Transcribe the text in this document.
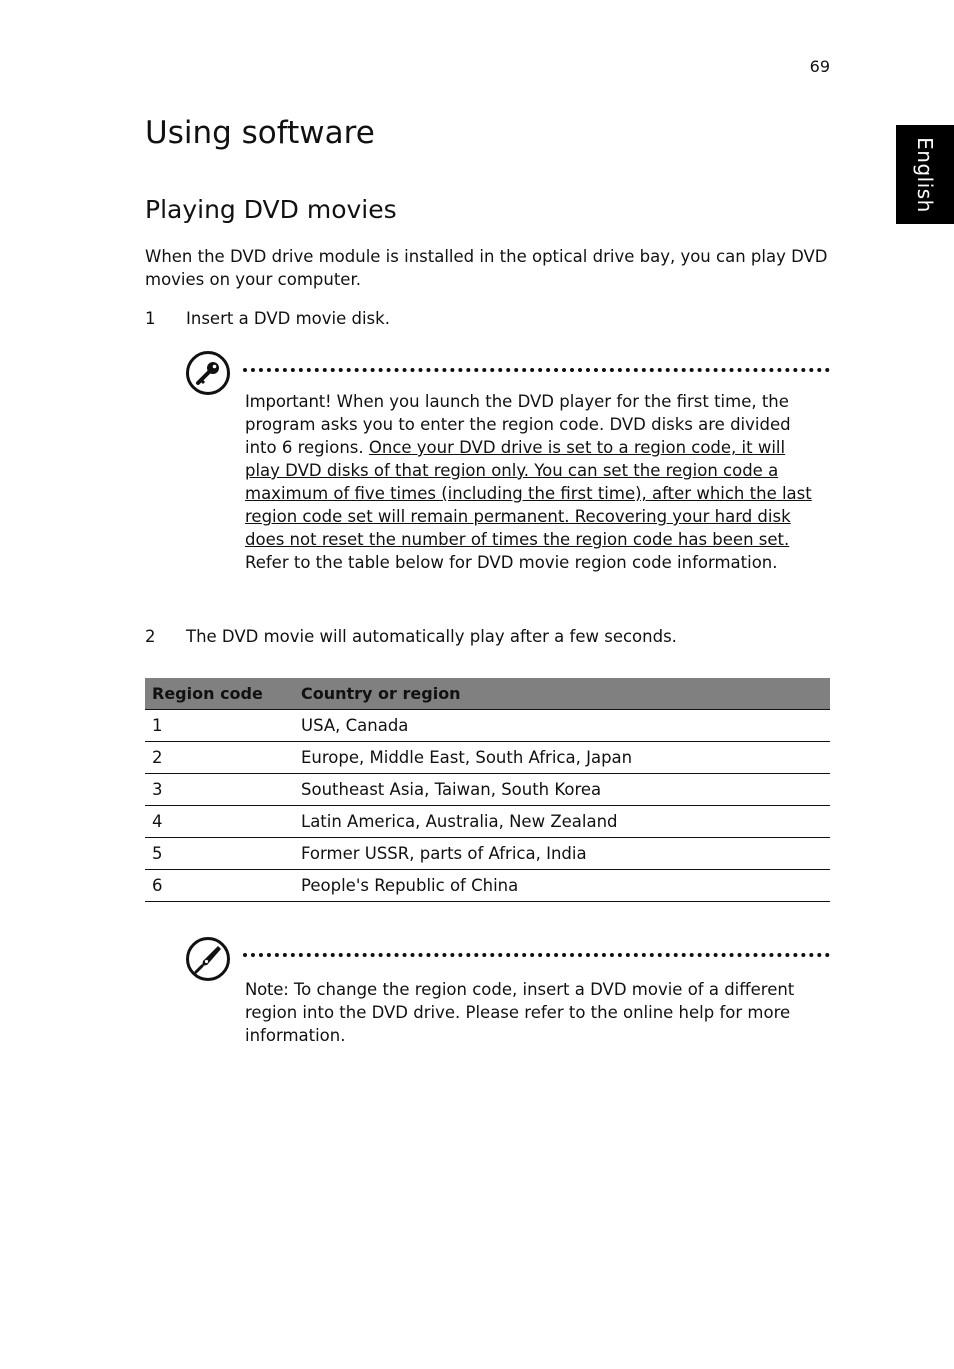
69
English
Using software
Playing DVD movies

When the DVD drive module is installed in the optical drive bay, you can play DVD movies on your computer.

1 Insert a DVD movie disk.

Important! When you launch the DVD player for the first time, the program asks you to enter the region code. DVD disks are divided into 6 regions. Once your DVD drive is set to a region code, it will play DVD disks of that region only. You can set the region code a maximum of five times (including the first time), after which the last region code set will remain permanent. Recovering your hard disk does not reset the number of times the region code has been set. Refer to the table below for DVD movie region code information.

2 The DVD movie will automatically play after a few seconds.
Region code	Country or region
1	USA, Canada
2	Europe, Middle East, South Africa, Japan
3	Southeast Asia, Taiwan, South Korea
4	Latin America, Australia, New Zealand
5	Former USSR, parts of Africa, India
6	People's Republic of China

Note: To change the region code, insert a DVD movie of a different region into the DVD drive. Please refer to the online help for more information.
